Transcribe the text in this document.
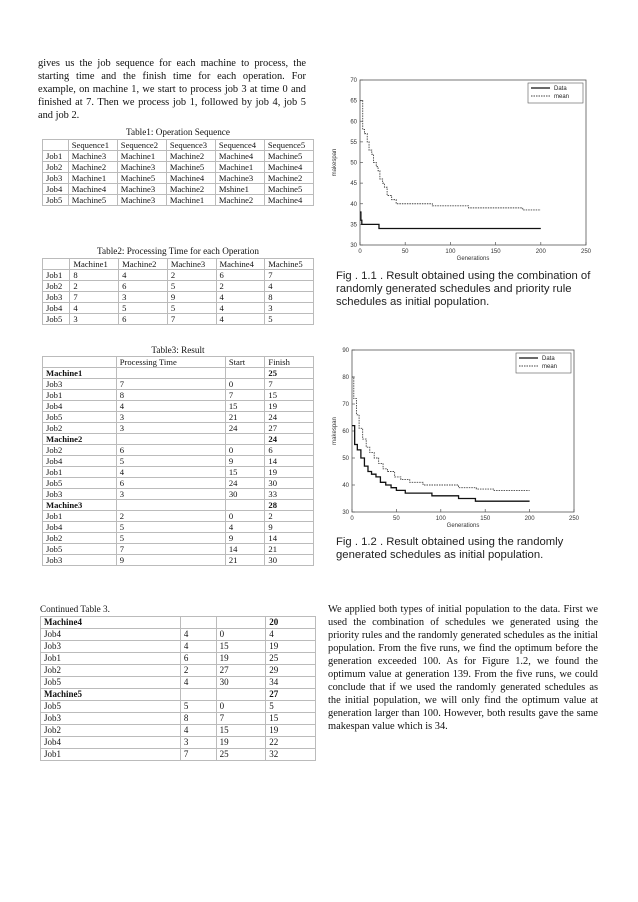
gives us the job sequence for each machine to process, the starting time and the finish time for each operation. For example, on machine 1, we start to process job 3 at time 0 and finished at 7. Then we process job 1, followed by job 4, job 5 and job 2.
Table1: Operation Sequence
	Sequence1	Sequence2	Sequence3	Sequence4	Sequence5
Job1	Machine3	Machine1	Machine2	Machine4	Machine5
Job2	Machine2	Machine3	Machine5	Machine1	Machine4
Job3	Machine1	Machine5	Machine4	Machine3	Machine2
Job4	Machine4	Machine3	Machine2	Mshine1	Machine5
Job5	Machine5	Machine3	Machine1	Machine2	Machine4
Table2: Processing Time for each Operation
	Machine1	Machine2	Machine3	Machine4	Machine5
Job1	8	4	2	6	7
Job2	2	6	5	2	4
Job3	7	3	9	4	8
Job4	4	5	5	4	3
Job5	3	6	7	4	5
Table3: Result
	Processing Time	Start	Finish
Machine1			25
Job3	7	0	7
Job1	8	7	15
Job4	4	15	19
Job5	3	21	24
Job2	3	24	27
Machine2			24
Job2	6	0	6
Job4	5	9	14
Job1	4	15	19
Job5	6	24	30
Job3	3	30	33
Machine3			28
Job1	2	0	2
Job4	5	4	9
Job2	5	9	14
Job5	7	14	21
Job3	9	21	30
Continued Table 3.
Machine4			20
Job4	4	0	4
Job3	4	15	19
Job1	6	19	25
Job2	2	27	29
Job5	4	30	34
Machine5			27
Job5	5	0	5
Job3	8	7	15
Job2	4	15	19
Job4	3	19	22
Job1	7	25	32
0	50	100	150	200	250
30
35
40
45
50
55
60
65
70
Generations
makespan
Data
mean
Fig . 1.1 . Result obtained using the combination of randomly generated schedules and priority rule schedules as initial population.
0	50	100	150	200	250
30
40
50
60
70
80
90
Generations
makespan
Data
mean
Fig . 1.2 . Result obtained using the randomly generated schedules as initial population.
We applied both types of initial population to the data. First we used the combination of schedules we generated using the priority rules and the randomly generated schedules as the initial population. From the five runs, we find the optimum before the generation exceeded 100. As for Figure 1.2, we found the optimum value at generation 139. From the five runs, we could conclude that if we used the randomly generated schedules as the initial population, we will only find the optimum value at generation larger than 100. However, both results gave the same makespan value which is 34.
